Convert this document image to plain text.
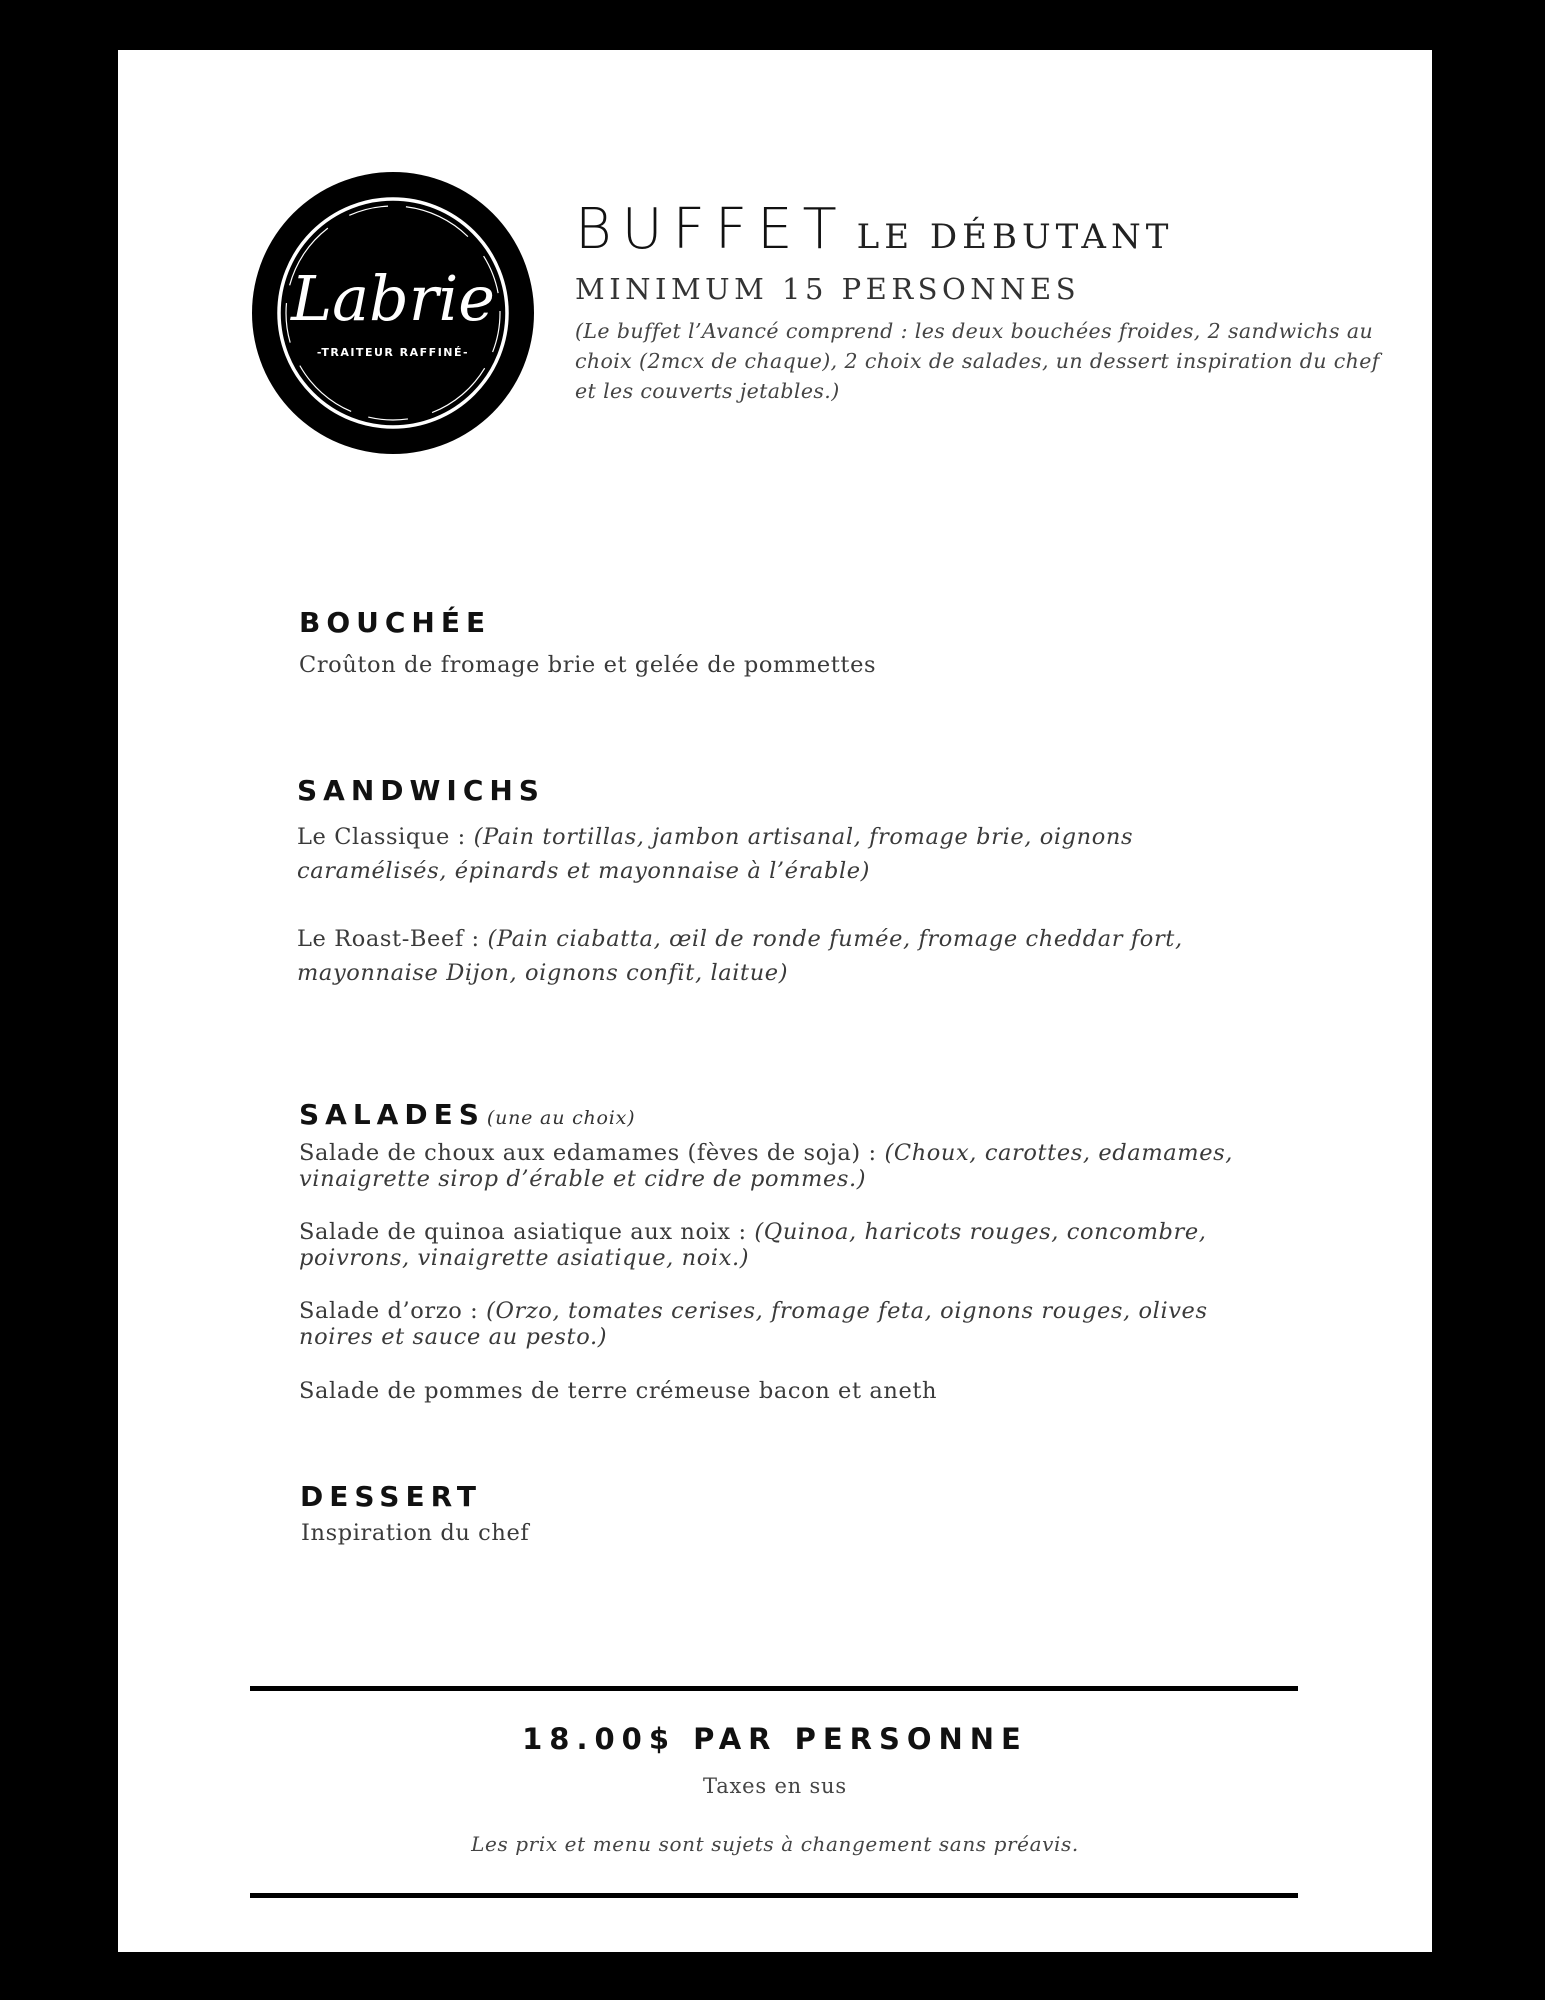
Labrie
-TRAITEUR RAFFINÉ-
BUFFET LE DÉBUTANT
MINIMUM 15 PERSONNES
(Le buffet l’Avancé comprend : les deux bouchées froides, 2 sandwichs au choix (2mcx de chaque), 2 choix de salades, un dessert inspiration du chef et les couverts jetables.)
BOUCHÉE
Croûton de fromage brie et gelée de pommettes
SANDWICHS
Le Classique : (Pain tortillas, jambon artisanal, fromage brie, oignons
caramélisés, épinards et mayonnaise à l’érable)
Le Roast-Beef : (Pain ciabatta, œil de ronde fumée, fromage cheddar fort,
mayonnaise Dijon, oignons confit, laitue)
SALADES (une au choix)
Salade de choux aux edamames (fèves de soja) : (Choux, carottes, edamames,
vinaigrette sirop d’érable et cidre de pommes.)
Salade de quinoa asiatique aux noix : (Quinoa, haricots rouges, concombre,
poivrons, vinaigrette asiatique, noix.)
Salade d’orzo : (Orzo, tomates cerises, fromage feta, oignons rouges, olives
noires et sauce au pesto.)
Salade de pommes de terre crémeuse bacon et aneth
DESSERT
Inspiration du chef
18.00$ PAR PERSONNE
Taxes en sus
Les prix et menu sont sujets à changement sans préavis.
